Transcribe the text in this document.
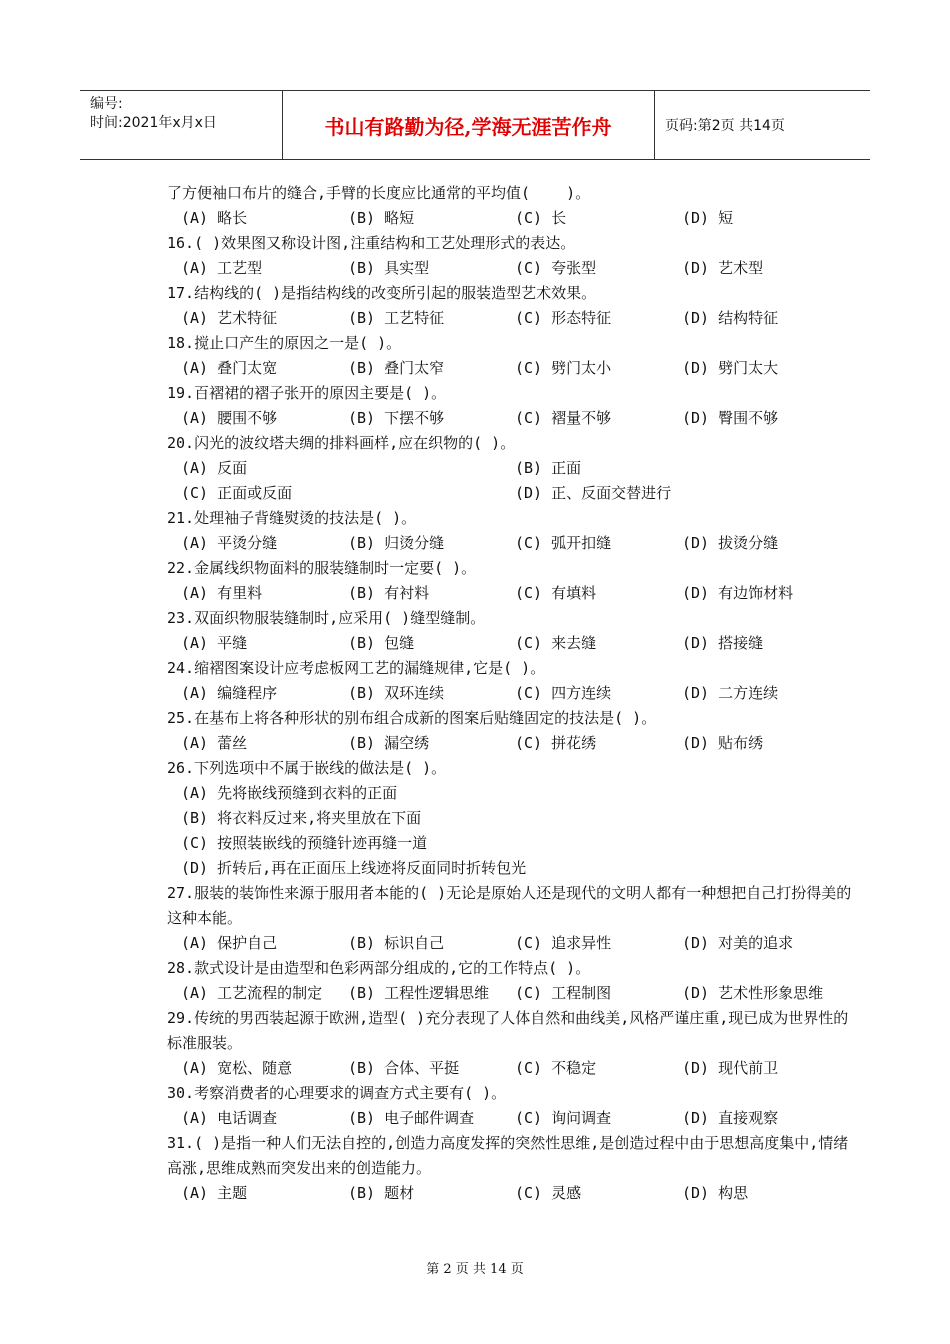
编号:
时间:2021年x月x日	书山有路勤为径,学海无涯苦作舟	页码:第2页 共14页
了方便袖口布片的缝合,手臂的长度应比通常的平均值(    )。
(A) 略长	(B) 略短	(C) 长	(D) 短
16.( )效果图又称设计图,注重结构和工艺处理形式的表达。
(A) 工艺型	(B) 具实型	(C) 夸张型	(D) 艺术型
17.结构线的( )是指结构线的改变所引起的服装造型艺术效果。
(A) 艺术特征	(B) 工艺特征	(C) 形态特征	(D) 结构特征
18.搅止口产生的原因之一是( )。
(A) 叠门太宽	(B) 叠门太窄	(C) 劈门太小	(D) 劈门太大
19.百褶裙的褶子张开的原因主要是( )。
(A) 腰围不够	(B) 下摆不够	(C) 褶量不够	(D) 臀围不够
20.闪光的波纹塔夫绸的排料画样,应在织物的( )。
(A) 反面	(B) 正面
(C) 正面或反面	(D) 正、反面交替进行
21.处理袖子背缝熨烫的技法是( )。
(A) 平烫分缝	(B) 归烫分缝	(C) 弧开扣缝	(D) 拔烫分缝
22.金属线织物面料的服装缝制时一定要( )。
(A) 有里料	(B) 有衬料	(C) 有填料	(D) 有边饰材料
23.双面织物服装缝制时,应采用( )缝型缝制。
(A) 平缝	(B) 包缝	(C) 来去缝	(D) 搭接缝
24.缩褶图案设计应考虑板网工艺的漏缝规律,它是( )。
(A) 编缝程序	(B) 双环连续	(C) 四方连续	(D) 二方连续
25.在基布上将各种形状的别布组合成新的图案后贴缝固定的技法是( )。
(A) 蕾丝	(B) 漏空绣	(C) 拼花绣	(D) 贴布绣
26.下列选项中不属于嵌线的做法是( )。
(A) 先将嵌线预缝到衣料的正面
(B) 将衣料反过来,将夹里放在下面
(C) 按照装嵌线的预缝针迹再缝一道
(D) 折转后,再在正面压上线迹将反面同时折转包光
27.服装的装饰性来源于服用者本能的( )无论是原始人还是现代的文明人都有一种想把自己打扮得美的这种本能。
(A) 保护自己	(B) 标识自己	(C) 追求异性	(D) 对美的追求
28.款式设计是由造型和色彩两部分组成的,它的工作特点( )。
(A) 工艺流程的制定	(B) 工程性逻辑思维	(C) 工程制图	(D) 艺术性形象思维
29.传统的男西装起源于欧洲,造型( )充分表现了人体自然和曲线美,风格严谨庄重,现已成为世界性的标准服装。
(A) 宽松、随意	(B) 合体、平挺	(C) 不稳定	(D) 现代前卫
30.考察消费者的心理要求的调查方式主要有( )。
(A) 电话调查	(B) 电子邮件调查	(C) 询问调查	(D) 直接观察
31.( )是指一种人们无法自控的,创造力高度发挥的突然性思维,是创造过程中由于思想高度集中,情绪高涨,思维成熟而突发出来的创造能力。
(A) 主题	(B) 题材	(C) 灵感	(D) 构思
第 2 页 共 14 页
